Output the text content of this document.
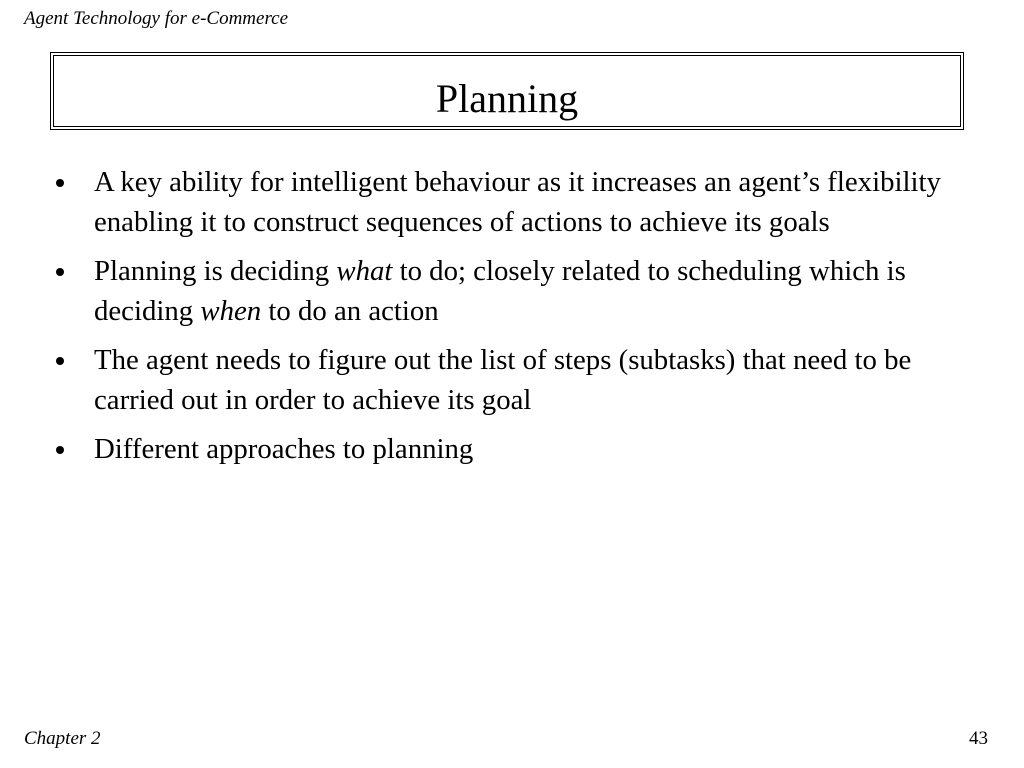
Agent Technology for e-Commerce
Planning
A key ability for intelligent behaviour as it increases an agent’s flexibility enabling it to construct sequences of actions to achieve its goals
Planning is deciding what to do; closely related to scheduling which is deciding when to do an action
The agent needs to figure out the list of steps (subtasks) that need to be carried out in order to achieve its goal
Different approaches to planning
Chapter 2	43
